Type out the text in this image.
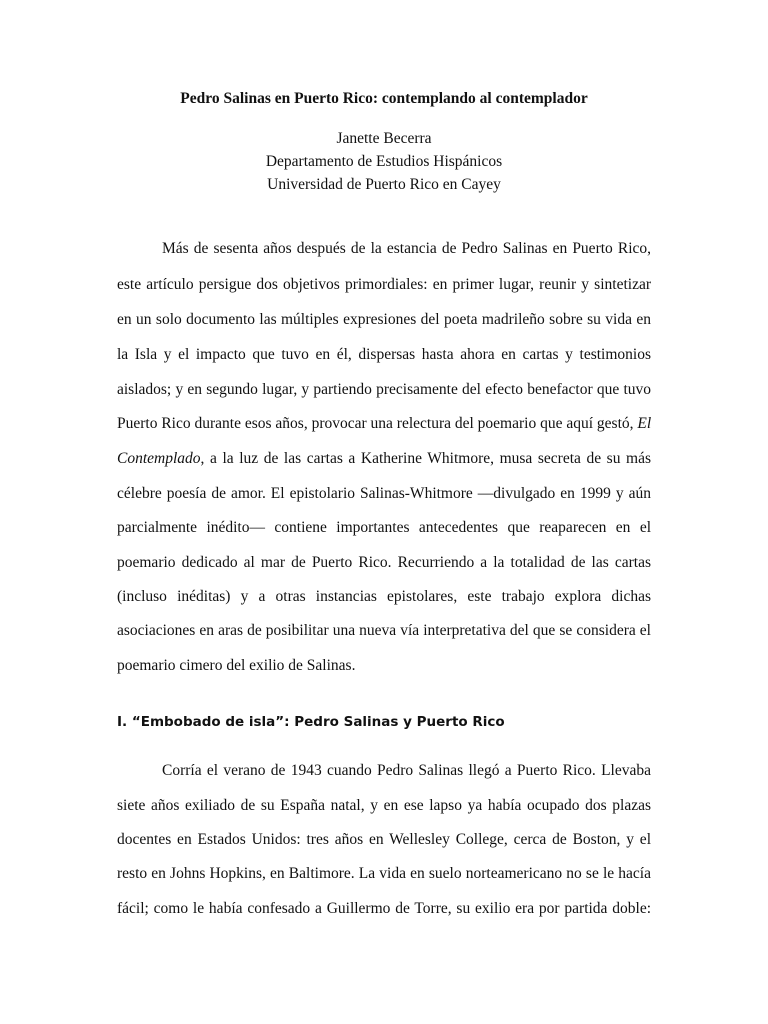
Pedro Salinas en Puerto Rico: contemplando al contemplador
Janette Becerra
Departamento de Estudios Hispánicos
Universidad de Puerto Rico en Cayey
Más de sesenta años después de la estancia de Pedro Salinas en Puerto Rico,
este artículo persigue dos objetivos primordiales: en primer lugar, reunir y sintetizar
en un solo documento las múltiples expresiones del poeta madrileño sobre su vida en
la Isla y el impacto que tuvo en él, dispersas hasta ahora en cartas y testimonios
aislados; y en segundo lugar, y partiendo precisamente del efecto benefactor que tuvo
Puerto Rico durante esos años, provocar una relectura del poemario que aquí gestó, El
Contemplado, a la luz de las cartas a Katherine Whitmore, musa secreta de su más
célebre poesía de amor. El epistolario Salinas-Whitmore —divulgado en 1999 y aún
parcialmente inédito— contiene importantes antecedentes que reaparecen en el
poemario dedicado al mar de Puerto Rico. Recurriendo a la totalidad de las cartas
(incluso inéditas) y a otras instancias epistolares, este trabajo explora dichas
asociaciones en aras de posibilitar una nueva vía interpretativa del que se considera el
poemario cimero del exilio de Salinas.
I. “Embobado de isla”: Pedro Salinas y Puerto Rico
Corría el verano de 1943 cuando Pedro Salinas llegó a Puerto Rico. Llevaba
siete años exiliado de su España natal, y en ese lapso ya había ocupado dos plazas
docentes en Estados Unidos: tres años en Wellesley College, cerca de Boston, y el
resto en Johns Hopkins, en Baltimore. La vida en suelo norteamericano no se le hacía
fácil; como le había confesado a Guillermo de Torre, su exilio era por partida doble:
